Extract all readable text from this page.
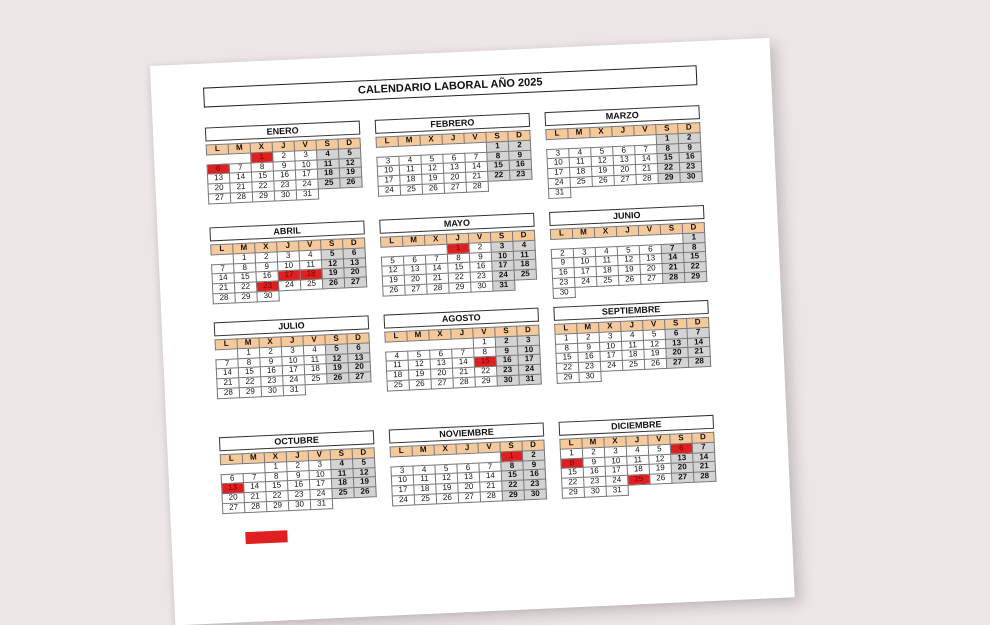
CALENDARIO LABORAL AÑO 2025
ENERO
L	M	X	J	V	S	D
		1	2	3	4	5
6	7	8	9	10	11	12
13	14	15	16	17	18	19
20	21	22	23	24	25	26
27	28	29	30	31		
FEBRERO
L	M	X	J	V	S	D
					1	2
3	4	5	6	7	8	9
10	11	12	13	14	15	16
17	18	19	20	21	22	23
24	25	26	27	28		
MARZO
L	M	X	J	V	S	D
					1	2
3	4	5	6	7	8	9
10	11	12	13	14	15	16
17	18	19	20	21	22	23
24	25	26	27	28	29	30
31						
ABRIL
L	M	X	J	V	S	D
	1	2	3	4	5	6
7	8	9	10	11	12	13
14	15	16	17	18	19	20
21	22	23	24	25	26	27
28	29	30				
MAYO
L	M	X	J	V	S	D
			1	2	3	4
5	6	7	8	9	10	11
12	13	14	15	16	17	18
19	20	21	22	23	24	25
26	27	28	29	30	31	
JUNIO
L	M	X	J	V	S	D
						1
2	3	4	5	6	7	8
9	10	11	12	13	14	15
16	17	18	19	20	21	22
23	24	25	26	27	28	29
30						
JULIO
L	M	X	J	V	S	D
	1	2	3	4	5	6
7	8	9	10	11	12	13
14	15	16	17	18	19	20
21	22	23	24	25	26	27
28	29	30	31			
AGOSTO
L	M	X	J	V	S	D
				1	2	3
4	5	6	7	8	9	10
11	12	13	14	15	16	17
18	19	20	21	22	23	24
25	26	27	28	29	30	31
SEPTIEMBRE
L	M	X	J	V	S	D
1	2	3	4	5	6	7
8	9	10	11	12	13	14
15	16	17	18	19	20	21
22	23	24	25	26	27	28
29	30					
OCTUBRE
L	M	X	J	V	S	D
		1	2	3	4	5
6	7	8	9	10	11	12
13	14	15	16	17	18	19
20	21	22	23	24	25	26
27	28	29	30	31		
NOVIEMBRE
L	M	X	J	V	S	D
					1	2
3	4	5	6	7	8	9
10	11	12	13	14	15	16
17	18	19	20	21	22	23
24	25	26	27	28	29	30
DICIEMBRE
L	M	X	J	V	S	D
1	2	3	4	5	6	7
8	9	10	11	12	13	14
15	16	17	18	19	20	21
22	23	24	25	26	27	28
29	30	31				
